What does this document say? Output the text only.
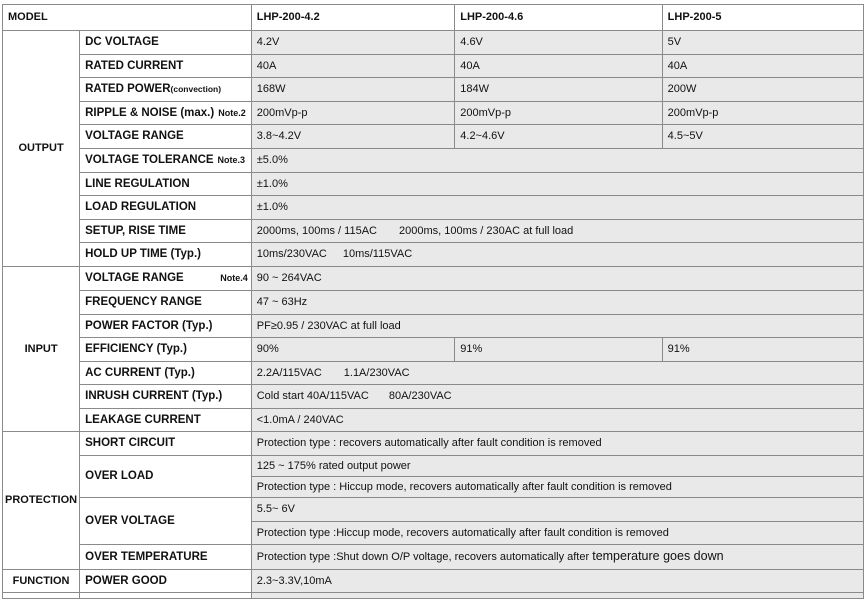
MODEL		LHP-200-4.2	LHP-200-4.6	LHP-200-5
OUTPUT	DC VOLTAGE	4.2V	4.6V	5V
	RATED CURRENT	40A	40A	40A
	RATED POWER(convection)	168W	184W	200W
	RIPPLE & NOISE (max.) Note.2	200mVp-p	200mVp-p	200mVp-p
	VOLTAGE RANGE	3.8~4.2V	4.2~4.6V	4.5~5V
	VOLTAGE TOLERANCE Note.3	±5.0%		
	LINE REGULATION	±1.0%		
	LOAD REGULATION	±1.0%		
	SETUP, RISE TIME	2000ms, 100ms / 115AC 2000ms, 100ms / 230AC at full load		
	HOLD UP TIME (Typ.)	10ms/230VAC 10ms/115VAC		
INPUT	VOLTAGE RANGE Note.4	90 ~ 264VAC		
	FREQUENCY RANGE	47 ~ 63Hz		
	POWER FACTOR (Typ.)	PF≥0.95 / 230VAC at full load		
	EFFICIENCY (Typ.)	90%	91%	91%
	AC CURRENT (Typ.)	2.2A/115VAC 1.1A/230VAC		
	INRUSH CURRENT (Typ.)	Cold start 40A/115VAC 80A/230VAC		
	LEAKAGE CURRENT	<1.0mA / 240VAC		
PROTECTION	SHORT CIRCUIT	Protection type : recovers automatically after fault condition is removed		
	OVER LOAD	125 ~ 175% rated output power		
		Protection type : Hiccup mode, recovers automatically after fault condition is removed		
	OVER VOLTAGE	5.5~ 6V		
		Protection type :Hiccup mode, recovers automatically after fault condition is removed		
	OVER TEMPERATURE	Protection type :Shut down O/P voltage, recovers automatically after temperature goes down		
FUNCTION	POWER GOOD	2.3~3.3V,10mA		
